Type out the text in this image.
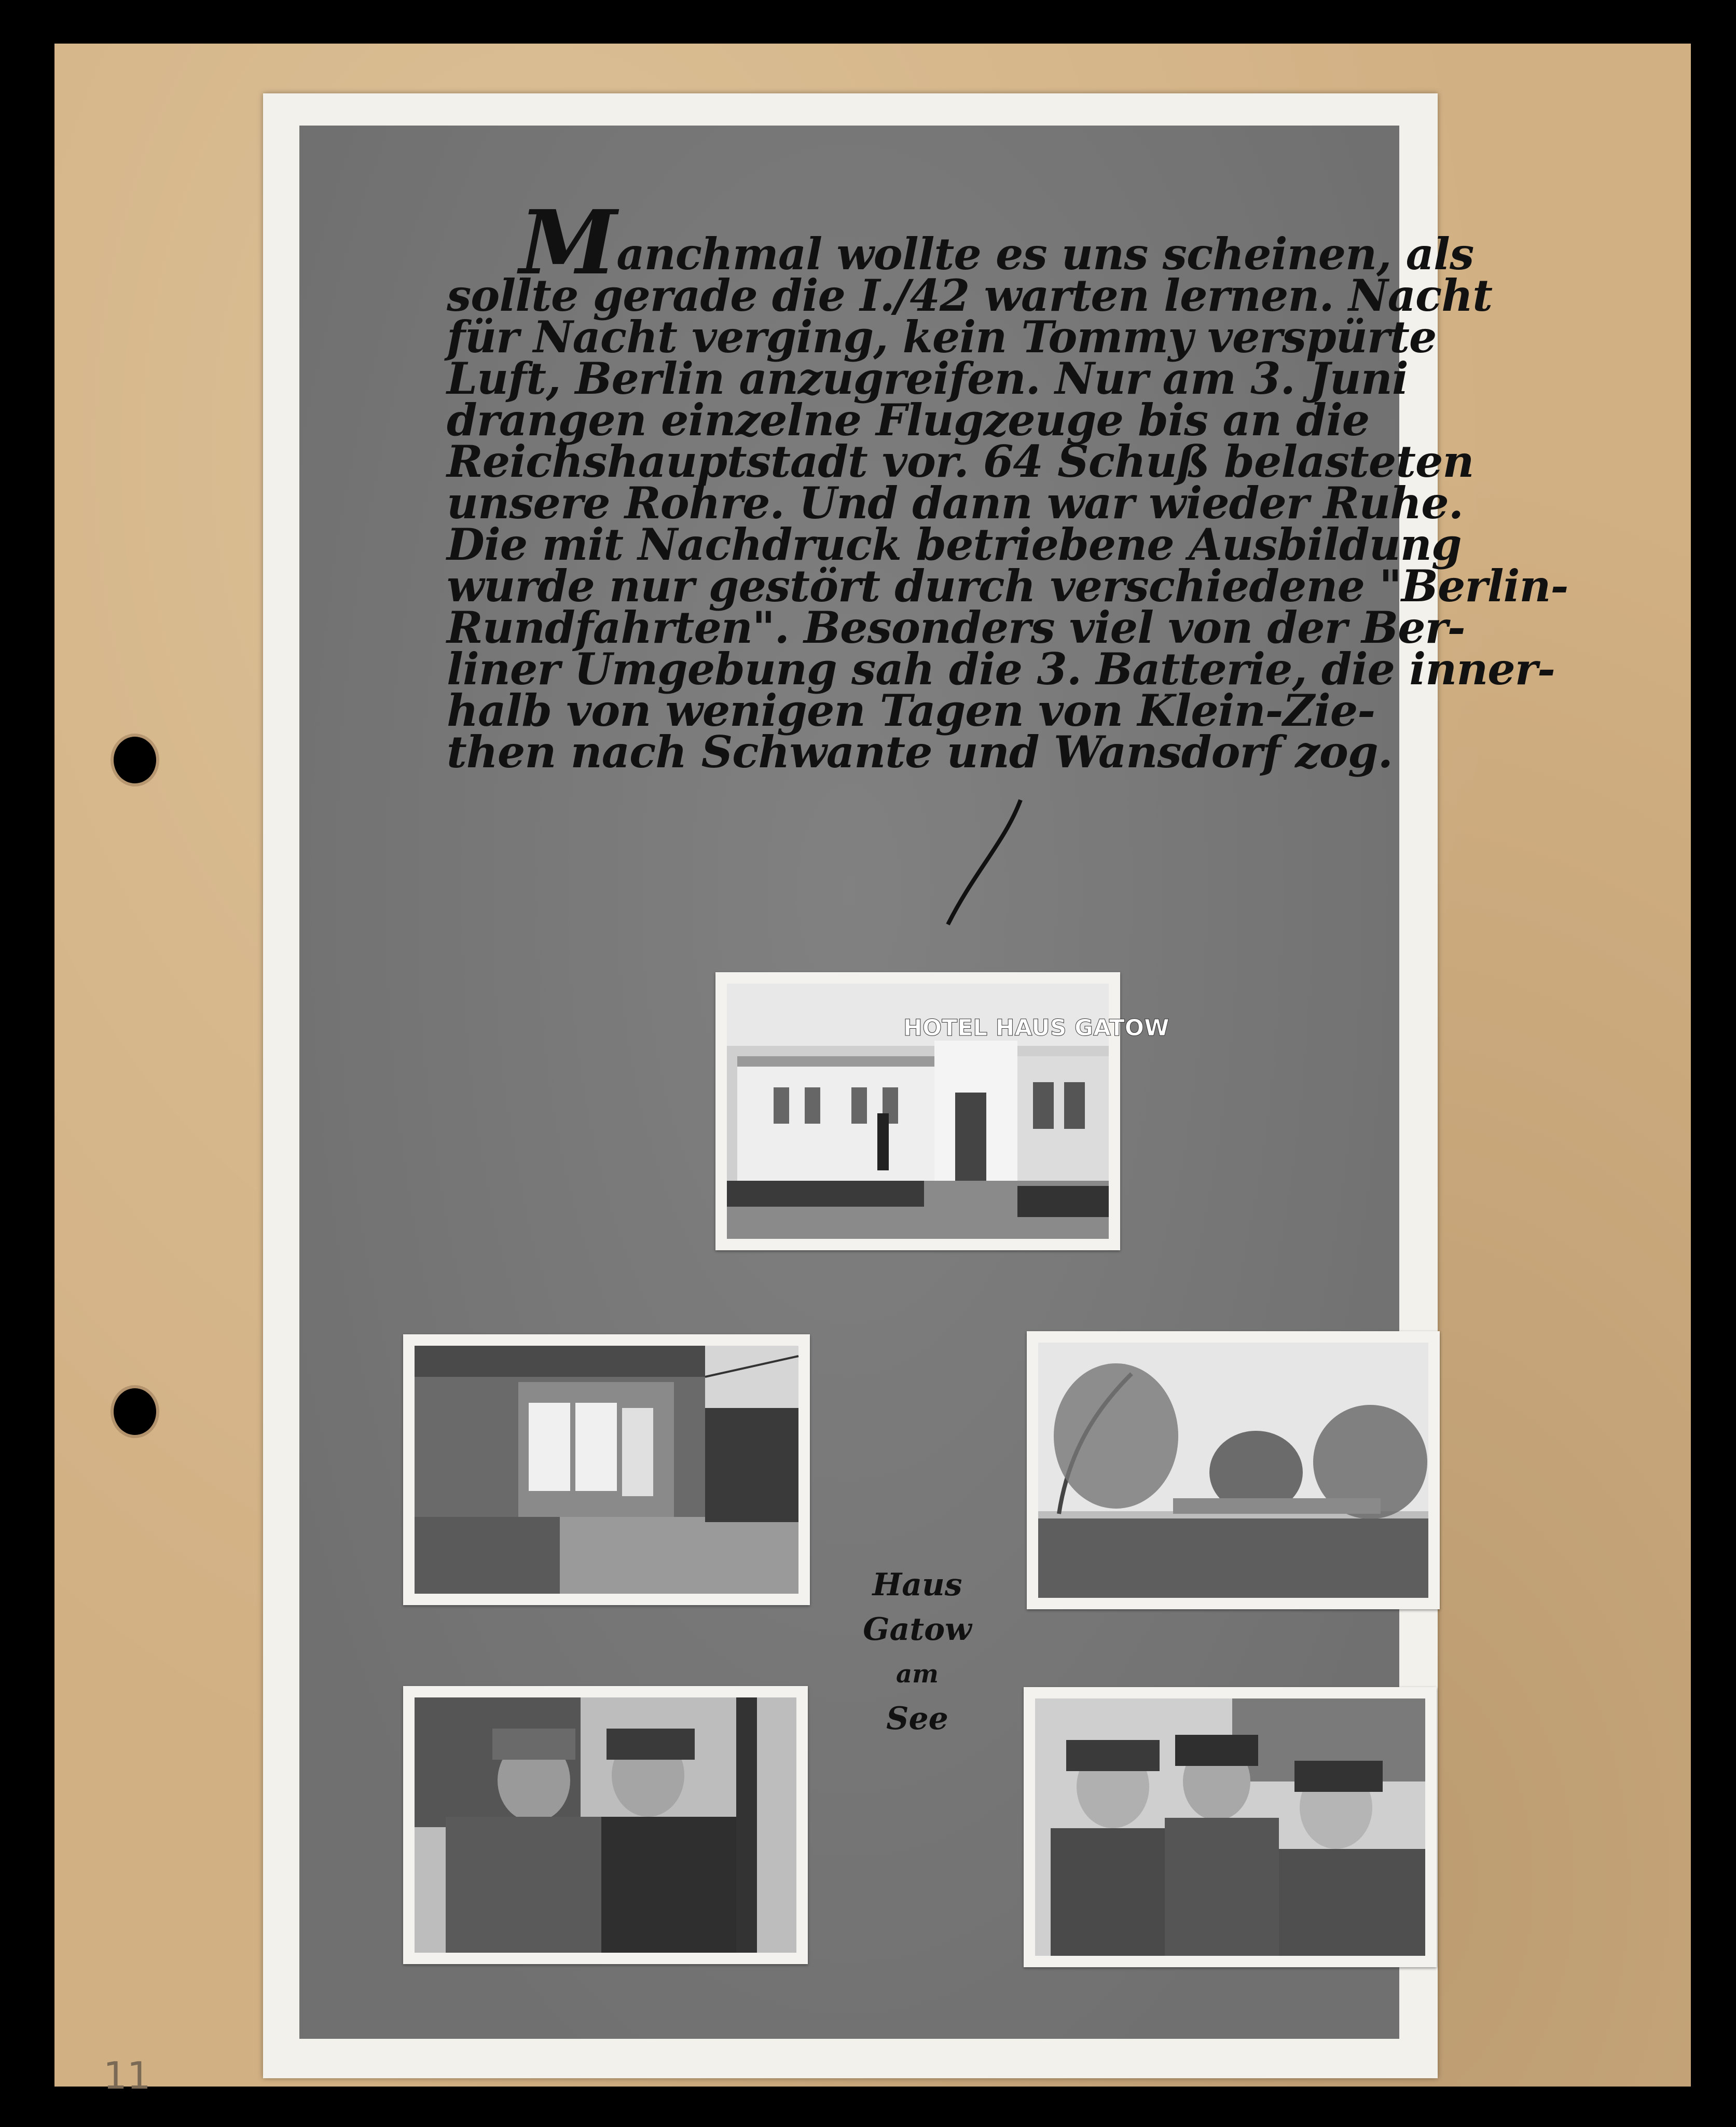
11
Manchmal wollte es uns scheinen, als
sollte gerade die I./42 warten lernen. Nacht
für Nacht verging, kein Tommy verspürte
Luft, Berlin anzugreifen. Nur am 3. Juni
drangen einzelne Flugzeuge bis an die
Reichshauptstadt vor. 64 Schuß belasteten
unsere Rohre. Und dann war wieder Ruhe.
Die mit Nachdruck betriebene Ausbildung
wurde nur gestört durch verschiedene "Berlin-
Rundfahrten". Besonders viel von der Ber-
liner Umgebung sah die 3. Batterie, die inner-
halb von wenigen Tagen von Klein-Zie-
then nach Schwante und Wansdorf zog.
HOTEL HAUS GATOW
Haus
Gatow
am
See
